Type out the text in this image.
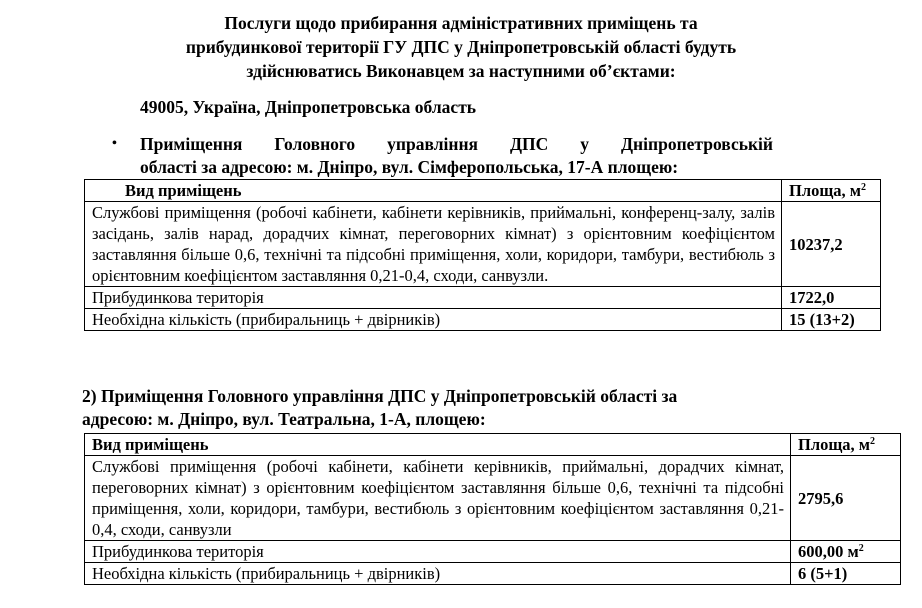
Послуги щодо прибирання адміністративних приміщень та

прибудинкової території ГУ ДПС у Дніпропетровській області будуть

здійснюватись Виконавцем за наступними об’єктами:

49005, Україна, Дніпропетровська область

• Приміщення Головного управління ДПС у Дніпропетровській

області за адресою: м. Дніпро, вул. Сімферопольська, 17-А площею:

Вид приміщень	Площа, $м^2$
Службові приміщення (робочі кабінети, кабінети керівників, приймальні, конференц-залу, залів засідань, залів нарад, дорадчих кімнат, переговорних кімнат) з орієнтовним коефіцієнтом заставляння більше 0,6, технічні та підсобні приміщення, холи, коридори, тамбури, вестибюль з орієнтовним коефіцієнтом заставляння 0,21-0,4, сходи, санвузли.	10237,2
Прибудинкова територія	1722,0
Необхідна кількість (прибиральниць + двірників)	15 (13+2)

2) Приміщення Головного управління ДПС у Дніпропетровській області за

адресою: м. Дніпро, вул. Театральна, 1-А, площею:

Вид приміщень	Площа, $м^2$
Службові приміщення (робочі кабінети, кабінети керівників, приймальні, дорадчих кімнат, переговорних кімнат) з орієнтовним коефіцієнтом заставляння більше 0,6, технічні та підсобні приміщення, холи, коридори, тамбури, вестибюль з орієнтовним коефіцієнтом заставляння 0,21-0,4, сходи, санвузли	2795,6
Прибудинкова територія	600,00 $м^2$
Необхідна кількість (прибиральниць + двірників)	6 (5+1)
